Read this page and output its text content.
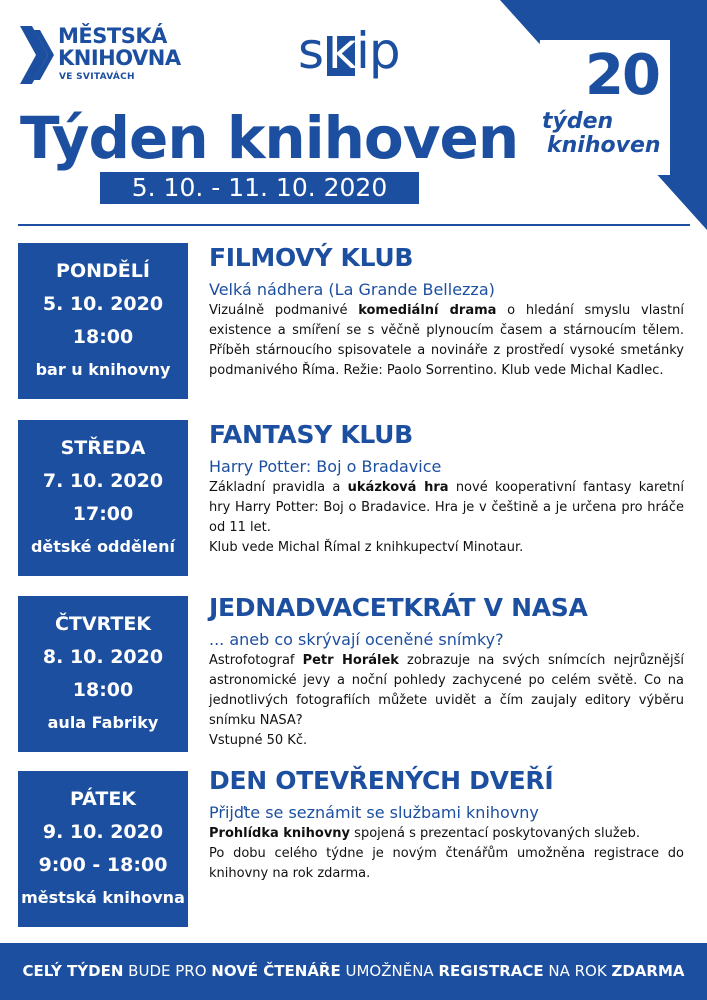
MĚSTSKÁ
KNIHOVNA
VE SVITAVÁCH	s k ip	20
týden
knihoven
Týden knihoven
5. 10. - 11. 10. 2020
PONDĚLÍ
5. 10. 2020
18:00
bar u knihovny
FILMOVÝ KLUB
Velká nádhera (La Grande Bellezza)
Vizuálně podmanivé komediální drama o hledání smyslu vlastní existence a smíření se s věčně plynoucím časem a stárnoucím tělem. Příběh stárnoucího spisovatele a novináře z prostředí vysoké smetánky podmanivého Říma. Režie: Paolo Sorrentino. Klub vede Michal Kadlec.
STŘEDA
7. 10. 2020
17:00
dětské oddělení
FANTASY KLUB
Harry Potter: Boj o Bradavice
Základní pravidla a ukázková hra nové kooperativní fantasy karetní hry Harry Potter: Boj o Bradavice. Hra je v češtině a je určena pro hráče od 11 let.
Klub vede Michal Římal z knihkupectví Minotaur.
ČTVRTEK
8. 10. 2020
18:00
aula Fabriky
JEDNADVACETKRÁT V NASA
... aneb co skrývají oceněné snímky?
Astrofotograf Petr Horálek zobrazuje na svých snímcích nejrůznější astronomické jevy a noční pohledy zachycené po celém světě. Co na jednotlivých fotografiích můžete uvidět a čím zaujaly editory výběru snímku NASA?
Vstupné 50 Kč.
PÁTEK
9. 10. 2020
9:00 - 18:00
městská knihovna
DEN OTEVŘENÝCH DVEŘÍ
Přijďte se seznámit se službami knihovny
Prohlídka knihovny spojená s prezentací poskytovaných služeb.
Po dobu celého týdne je novým čtenářům umožněna registrace do knihovny na rok zdarma.
CELÝ TÝDEN BUDE PRO NOVÉ ČTENÁŘE UMOŽNĚNA REGISTRACE NA ROK ZDARMA
